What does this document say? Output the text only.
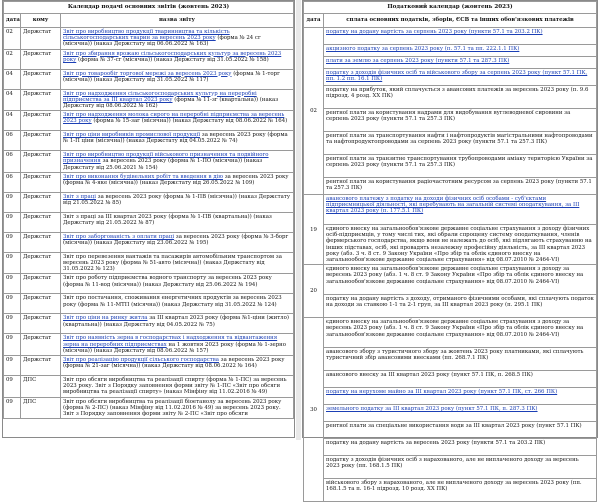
Календар подачі основних звітів (жовтень 2023)		
дата	кому	назва звіту
02	Держстат	Звіт про виробництво продукції тваринництва та кількість сільськогосподарських тварин за вересень 2023 року (форма № 24 сг (місячна)) (наказ Держстату від 06.06.2022 № 163)
02	Держстат	Звіт про збирання врожаю сільськогосподарських культур за вересень 2023 року (форма № 37-сг (місячна)) (наказ Держстату від 31.05.2022 № 158)
04	Держстат	Звіт про товарообіг торгової мережі за вересень 2023 року (форма № 1-торг (місячна)) (наказ Держстату від 31.05.2022 № 117)
04	Держстат	Звіт про надходження сільськогосподарських культур на переробні підприємства за III квартал 2023 року (форма № 11-зг (квартальна)) (наказ Держстату від 08.06.2022 № 162)
04	Держстат	Звіт про надходження молока сирого на переробні підприємства за вересень 2023 року (форма № 15-заг (місячна)) (наказ Держстату від 08.06.2022 № 164)
06	Держстат	Звіт про ціни виробників промислової продукції за вересень 2023 року (форма № 1-П ціни (місячна)) (наказ Держстату від 04.05.2022 № 74)
06	Держстат	Звіт про виробництво продукції військового призначення та подвійного призначення за вересень 2023 року (форма № 1-ПО (місячна)) (наказ Держстату від 25.06.2021 № 154)
06	Держстат	Звіт про виконання будівельних робіт та введення в дію за вересень 2023 року (форма № 4-яке (місячна)) (наказ Держстату від 26.05.2022 № 109)
09	Держстат	Звіт з праці за вересень 2023 року (форма № 1-ПВ (місячна)) (наказ Держстату від 21.05.2022 № 85)
09	Держстат	Звіт з праці за ІІІ квартал 2023 року (форма № 1-ПВ (квартальна)) (наказ Держстату від 21.05.2022 № 87)
09	Держстат	Звіт про заборгованість з оплати праці за вересень 2023 року (форма № 3-борг (місячна)) (наказ Держстату від 23.06.2022 № 195)
09	Держстат	Звіт про перевезення вантажів та пасажирів автомобільним транспортом за вересень 2023 року (форма № 51-авто (місячна)) (наказ Держстату від 31.05.2022 № 123)
09	Держстат	Звіт про роботу підприємства водного транспорту за вересень 2023 року (форма № 11-вод (місячна)) (наказ Держстату від 25.06.2022 № 194)
09	Держстат	Звіт про постачання, споживання енергетичних продуктів за вересень 2023 року (форма № 11-МТП (місячна)) (наказ Держстату від 31.05.2022 № 124)
09	Держстат	Звіт про ціни на ринку житла за III квартал 2023 року (форма №1-ціни (житло) (квартальна)) (наказ Держстату від 04.05.2022 № 75)
09	Держстат	Звіт про наявність зерна в господарствах і надходження та відвантаження зерна на переробних підприємствах на 1 жовтня 2023 року (форма № 1-зерно (місячна)) (наказ Держстату від 08.06.2022 № 157)
09	Держстат	Звіт про реалізацію продукції сільського господарства за вересень 2023 року (форма № 21-заг (місячна)) (наказ Держстату від 08.06.2022 № 164)
09	ДПС	Звіт про обсяги виробництва та реалізації спирту (форма № 1-ПС) за вересень 2023 року. Звіт з Порядку заповнення форми звіту № 1-ПС «Звіт про обсяги виробництва та реалізації спирту» (наказ Мінфіну від 11.02.2016 № 49)
09	ДПС	Звіт про обсяги виробництва та реалізації біоетанолу за вересень 2023 року (форма № 2-ПС) (наказ Мінфіну від 11.02.2016 № 49) за вересень 2023 року. Звіт з Порядку заповнення форми звіту № 2-ПС «Звіт про обсяги
Податковий календар (жовтень 2023)	
дата	сплата основних податків, зборів, ЄСВ та інших обов'язкових платежів
02	податку на додану вартість за серпень 2023 року (пункти 57.1 та 203.2 ПК)
	акцизного податку за серпень 2023 року (п. 57.1 та пп. 222.1.1 ПК)
	плати за землю за серпень 2023 року (пункти 57.1 та 287.3 ПК)
	податку з доходів фізичних осіб та військового збору за серпень 2023 року (пункт 57.1 ПК, пп. 1.2 пп. 16.1 ПК)
	податку на прибуток, який сплачується з авансових платежів за вересень 2023 року (п. 9.6 підрозд. 4 розд. XX ПК)
	рентної плати за користування надрами для видобування вуглеводневої сировини за серпень 2023 року (пункти 57.1 та 257.3 ПК)
	рентної плати за транспортування нафти і нафтопродуктів магістральними нафтопроводами та нафтопродуктопроводами за серпень 2023 року (пункти 57.1 та 257.3 ПК)
	рентної плати за транзитне транспортування трубопроводами аміаку територією України за серпень 2023 року (пункти 57.1 та 257.3 ПК)
	рентної плати за користування радіочастотним ресурсом за серпень 2023 року (пункти 57.1 та 257.3 ПК)
19	авансового платежу з податку на доходи фізичних осіб особами - суб'єктами підприємницької діяльності, які перебувають на загальній системі оподаткування, за III квартал 2023 року (п. 177.5.1 ПК)
	єдиного внеску на загальнообов'язкове державне соціальне страхування з доходу фізичних осіб-підприємців, у тому числі тих, які обрали спрощену систему оподаткування, членів фермерського господарства, якщо вони не належать до осіб, які підлягають страхуванню на інших підставах, осіб, які провадять незалежну професійну діяльність, за III квартал 2023 року (абз. 3 ч. 8 ст. 9 Закону України «Про збір та облік єдиного внеску на загальнообов'язкове державне соціальне страхування» від 08.07.2010 № 2464-VI)
20	єдиного внеску на загальнообов'язкове державне соціальне страхування з доходу за вересень 2023 року (абз. 1 ч. 8 ст. 9 Закону України «Про збір та облік єдиного внеску на загальнообов'язкове державне соціальне страхування» від 08.07.2010 № 2464-VI)
	податку на додану вартість з доходу, отриманого фізичними особами, які сплачують податок на доходи за ставкою 1-1 та 2-1 груп, за III квартал 2023 року (п. 295.1 ПК)
30	єдиного внеску на загальнообов'язкове державне соціальне страхування з доходу за вересень 2023 року (абз. 1 ч. 8 ст. 9 Закону України «Про збір та облік єдиного внеску на загальнообов'язкове державне соціальне страхування» від 08.07.2010 № 2464-VI)
	авансового збору з туристичного збору за жовтень 2023 року платниками, які сплачують туристичний збір авансовими внесками (пп. 268.7.1 ПК)
	авансового внеску за III квартал 2023 року (пункт 57.1 ПК, п. 268.5 ПК)
	податку на нерухоме майно за III квартал 2023 року (пункт 57.1 ПК, ст. 266 ПК)
	земельного податку за ІІІ квартал 2023 року (пункт 57.1 ПК, п. 287.3 ПК)
	рентної плати за спеціальне використання води за ІІІ квартал 2023 року (пункт 57.1 ПК)
	податку на додану вартість за вересень 2023 року (пункти 57.1 та 203.2 ПК)
	податку з доходів фізичних осіб з нарахованого, але не виплаченого доходу за вересень 2023 року (пп. 168.1.5 ПК)
	військового збору з нарахованого, але не виплаченого доходу за вересень 2023 року (пп. 168.1.5 та п. 16-1 підрозд. 10 розд. XX ПК)
